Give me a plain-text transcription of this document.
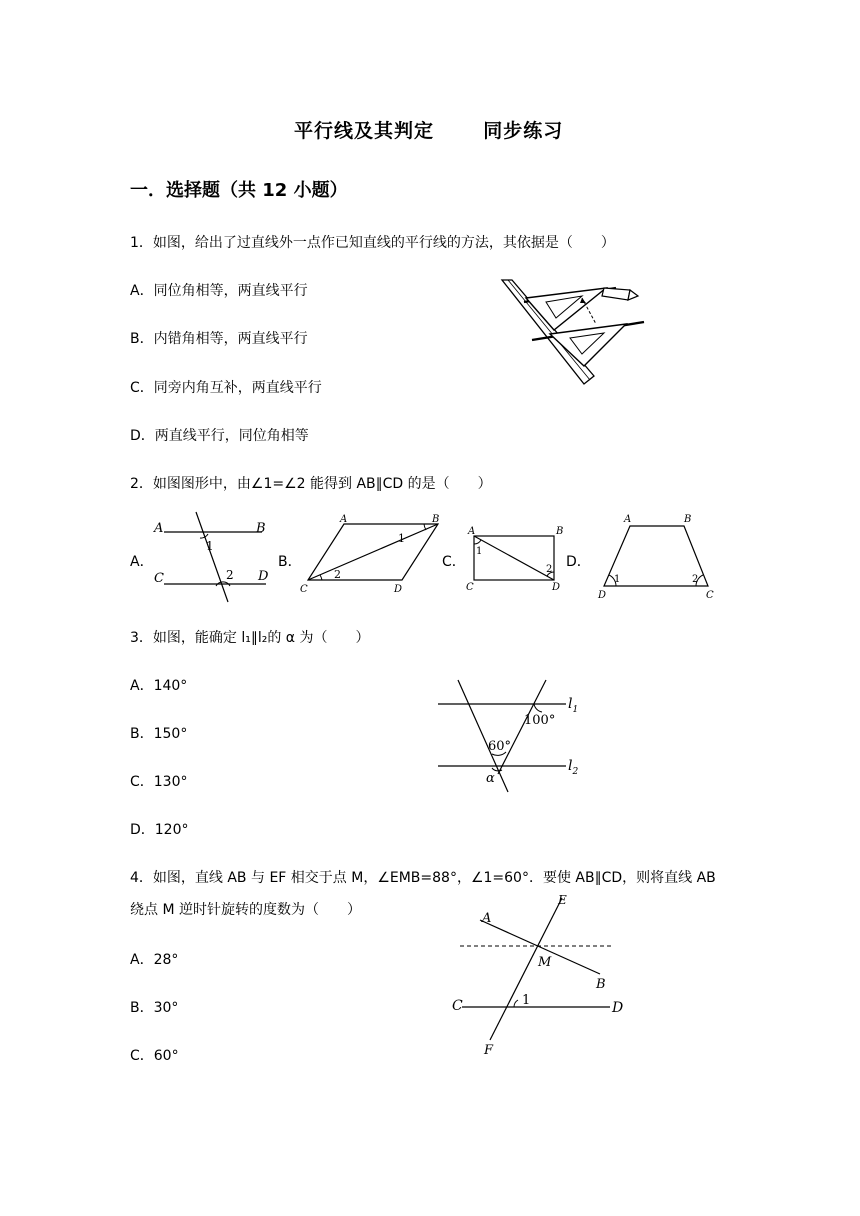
平行线及其判定	同步练习
一．选择题（共 12 小题）
1．如图，给出了过直线外一点作已知直线的平行线的方法，其依据是（　　）
A．同位角相等，两直线平行
B．内错角相等，两直线平行
C．同旁内角互补，两直线平行
D．两直线平行，同位角相等
2．如图图形中，由∠1=∠2 能得到 AB∥CD 的是（　　）
A．	B．	C．	D．
A	B
C	D
1
2
A	B
C	D
1
2
A	B
C	D
1
2
A	B
D	C
1	2
3．如图，能确定 l₁∥l₂的 α 为（　　）
A．140°
B．150°
C．130°
D．120°
$l_1$
$l_2$
100°
60°
α
4．如图，直线 AB 与 EF 相交于点 M，∠EMB=88°，∠1=60°．要使 AB∥CD，则将直线 AB
绕点 M 逆时针旋转的度数为（　　）
A．28°
B．30°
C．60°
A
B
C	D
E
F
M
1
